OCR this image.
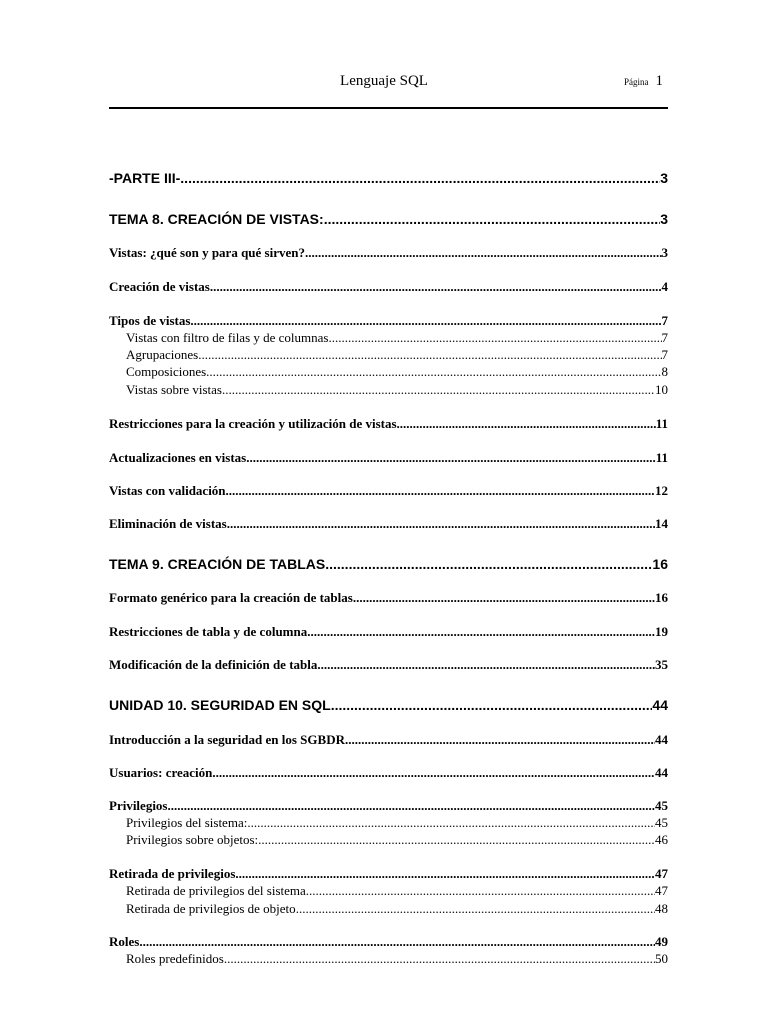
Lenguaje SQL	Página 1
-PARTE III- .....	3
TEMA 8. CREACIÓN DE VISTAS: .....	3
Vistas: ¿qué son y para qué sirven? .....	3
Creación de vistas .....	4
Tipos de vistas .....	7
Vistas con filtro de filas y de columnas .....	7
Agrupaciones .....	7
Composiciones .....	8
Vistas sobre vistas .....	10
Restricciones para la creación y utilización de vistas .....	11
Actualizaciones en vistas .....	11
Vistas con validación .....	12
Eliminación de vistas .....	14
TEMA 9. CREACIÓN DE TABLAS .....	16
Formato genérico para la creación de tablas .....	16
Restricciones de tabla y de columna .....	19
Modificación de la definición de tabla .....	35
UNIDAD 10. SEGURIDAD EN SQL .....	44
Introducción a la seguridad en los SGBDR .....	44
Usuarios: creación .....	44
Privilegios .....	45
Privilegios del sistema: .....	45
Privilegios sobre objetos: .....	46
Retirada de privilegios .....	47
Retirada de privilegios del sistema .....	47
Retirada de privilegios de objeto .....	48
Roles .....	49
Roles predefinidos .....	50
